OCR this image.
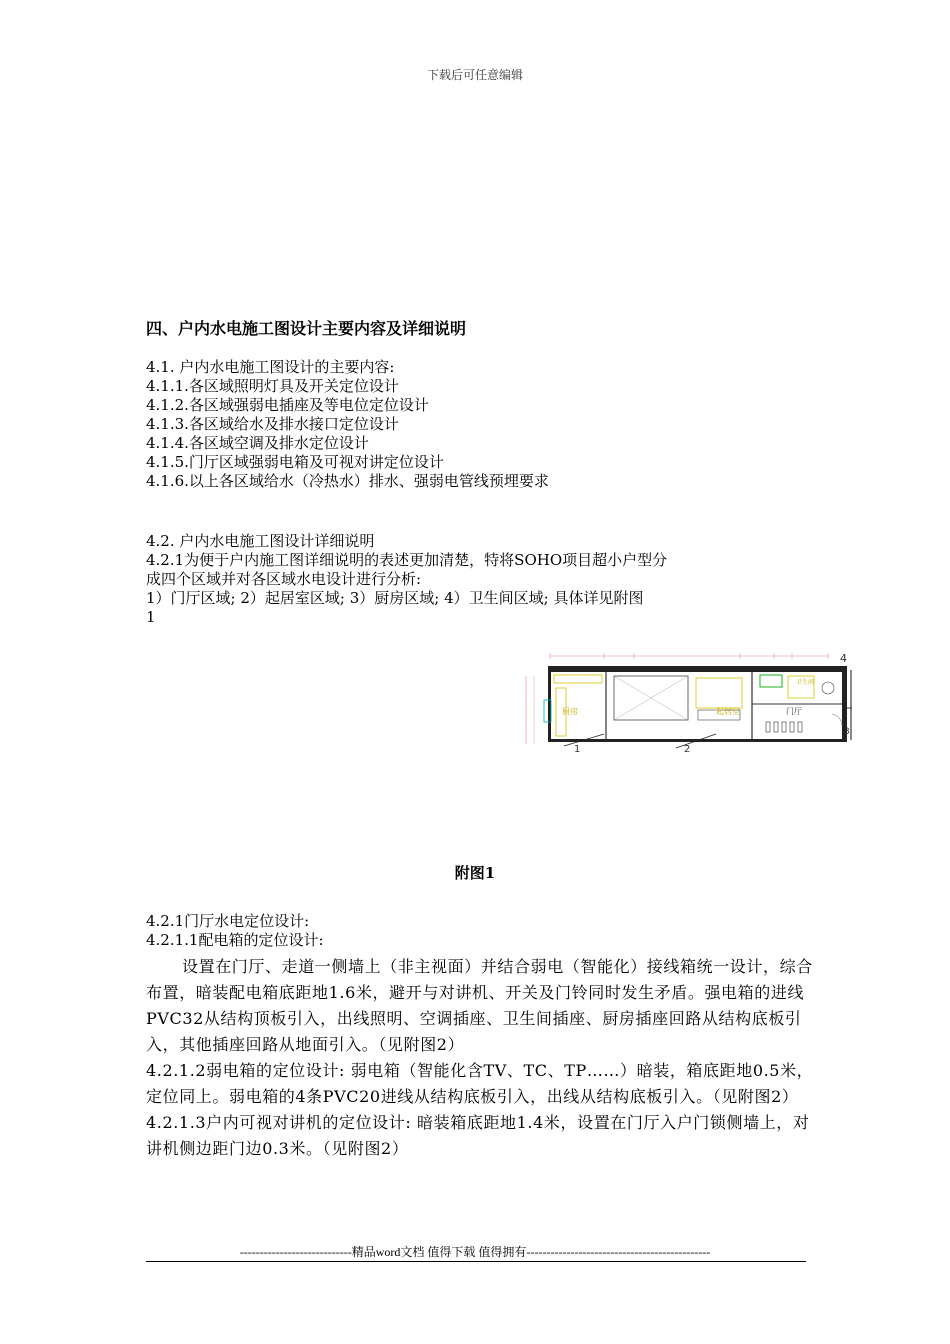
下载后可任意编辑
四、户内水电施工图设计主要内容及详细说明
4.1. 户内水电施工图设计的主要内容:
4.1.1.各区域照明灯具及开关定位设计
4.1.2.各区域强弱电插座及等电位定位设计
4.1.3.各区域给水及排水接口定位设计
4.1.4.各区域空调及排水定位设计
4.1.5.门厅区域强弱电箱及可视对讲定位设计
4.1.6.以上各区域给水（冷热水）排水、强弱电管线预埋要求
4.2. 户内水电施工图设计详细说明
4.2.1为便于户内施工图详细说明的表述更加清楚，特将SOHO项目超小户型分
成四个区域并对各区域水电设计进行分析:
1）门厅区域; 2）起居室区域; 3）厨房区域; 4）卫生间区域; 具体详见附图
1
厨房	起居室	门厅
卫生间
4
1	2
3
附图1
4.2.1门厅水电定位设计:
4.2.1.1配电箱的定位设计:

设置在门厅、走道一侧墙上（非主视面）并结合弱电（智能化）接线箱统一设计，综合布置，暗装配电箱底距地1.6米，避开与对讲机、开关及门铃同时发生矛盾。强电箱的进线PVC32从结构顶板引入，出线照明、空调插座、卫生间插座、厨房插座回路从结构底板引入，其他插座回路从地面引入。（见附图2）

4.2.1.2弱电箱的定位设计: 弱电箱（智能化含TV、TC、TP……）暗装，箱底距地0.5米，定位同上。弱电箱的4条PVC20进线从结构底板引入，出线从结构底板引入。（见附图2）

4.2.1.3户内可视对讲机的定位设计: 暗装箱底距地1.4米，设置在门厅入户门锁侧墙上，对讲机侧边距门边0.3米。（见附图2）

----------------------------精品word文档 值得下载 值得拥有----------------------------------------------
